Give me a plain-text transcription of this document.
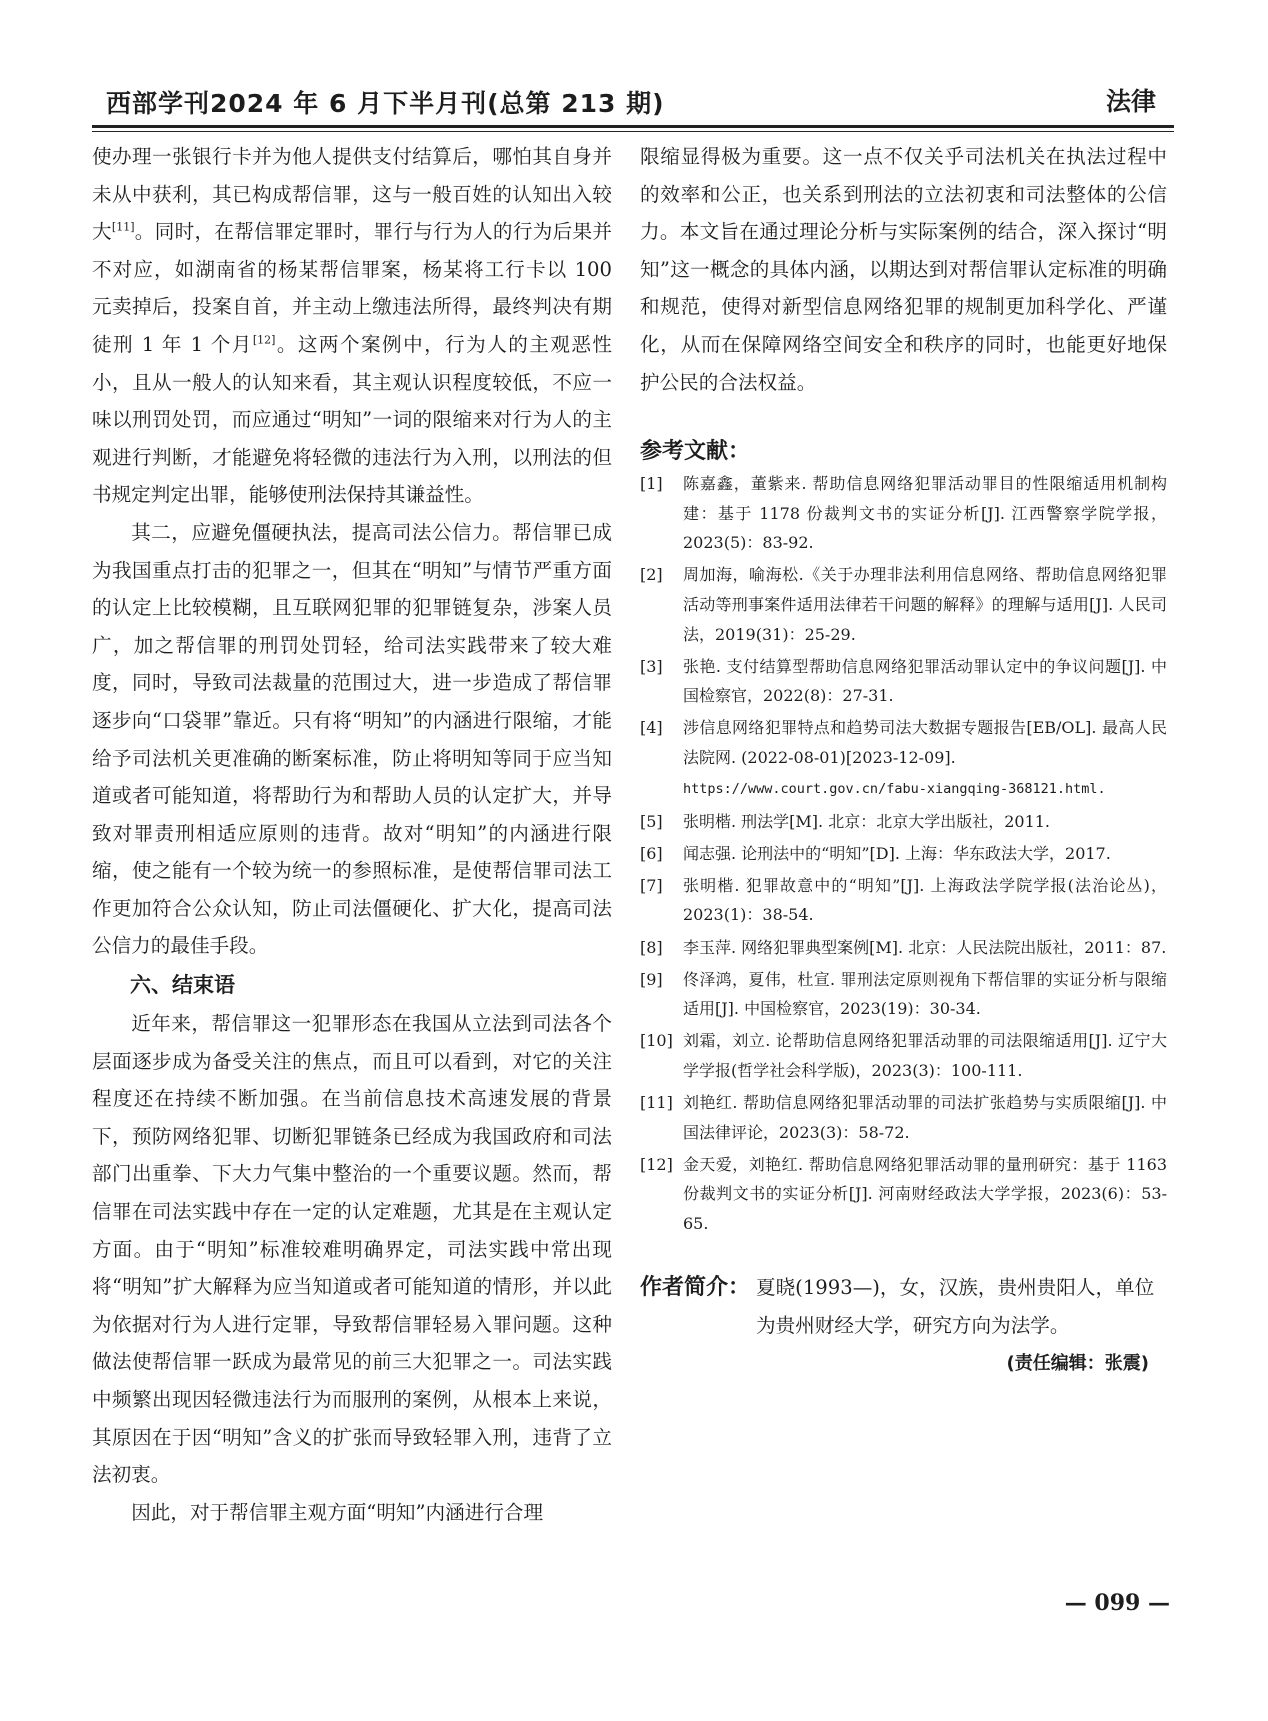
西部学刊2024 年 6 月下半月刊(总第 213 期)	法律

使办理一张银行卡并为他人提供支付结算后，哪怕其自身并未从中获利，其已构成帮信罪，这与一般百姓的认知出入较大[11]。同时，在帮信罪定罪时，罪行与行为人的行为后果并不对应，如湖南省的杨某帮信罪案，杨某将工行卡以 100 元卖掉后，投案自首，并主动上缴违法所得，最终判决有期徒刑 1 年 1 个月[12]。这两个案例中，行为人的主观恶性小，且从一般人的认知来看，其主观认识程度较低，不应一味以刑罚处罚，而应通过“明知”一词的限缩来对行为人的主观进行判断，才能避免将轻微的违法行为入刑，以刑法的但书规定判定出罪，能够使刑法保持其谦益性。

其二，应避免僵硬执法，提高司法公信力。帮信罪已成为我国重点打击的犯罪之一，但其在“明知”与情节严重方面的认定上比较模糊，且互联网犯罪的犯罪链复杂，涉案人员广，加之帮信罪的刑罚处罚轻，给司法实践带来了较大难度，同时，导致司法裁量的范围过大，进一步造成了帮信罪逐步向“口袋罪”靠近。只有将“明知”的内涵进行限缩，才能给予司法机关更准确的断案标准，防止将明知等同于应当知道或者可能知道，将帮助行为和帮助人员的认定扩大，并导致对罪责刑相适应原则的违背。故对“明知”的内涵进行限缩，使之能有一个较为统一的参照标准，是使帮信罪司法工作更加符合公众认知，防止司法僵硬化、扩大化，提高司法公信力的最佳手段。

六、结束语

近年来，帮信罪这一犯罪形态在我国从立法到司法各个层面逐步成为备受关注的焦点，而且可以看到，对它的关注程度还在持续不断加强。在当前信息技术高速发展的背景下，预防网络犯罪、切断犯罪链条已经成为我国政府和司法部门出重拳、下大力气集中整治的一个重要议题。然而，帮信罪在司法实践中存在一定的认定难题，尤其是在主观认定方面。由于“明知”标准较难明确界定，司法实践中常出现将“明知”扩大解释为应当知道或者可能知道的情形，并以此为依据对行为人进行定罪，导致帮信罪轻易入罪问题。这种做法使帮信罪一跃成为最常见的前三大犯罪之一。司法实践中频繁出现因轻微违法行为而服刑的案例，从根本上来说，其原因在于因“明知”含义的扩张而导致轻罪入刑，违背了立法初衷。

因此，对于帮信罪主观方面“明知”内涵进行合理

限缩显得极为重要。这一点不仅关乎司法机关在执法过程中的效率和公正，也关系到刑法的立法初衷和司法整体的公信力。本文旨在通过理论分析与实际案例的结合，深入探讨“明知”这一概念的具体内涵，以期达到对帮信罪认定标准的明确和规范，使得对新型信息网络犯罪的规制更加科学化、严谨化，从而在保障网络空间安全和秩序的同时，也能更好地保护公民的合法权益。

参考文献：
[1] 陈嘉鑫，董紫来. 帮助信息网络犯罪活动罪目的性限缩适用机制构建：基于 1178 份裁判文书的实证分析[J]. 江西警察学院学报，2023(5)：83-92.
[2] 周加海，喻海松.《关于办理非法利用信息网络、帮助信息网络犯罪活动等刑事案件适用法律若干问题的解释》的理解与适用[J]. 人民司法，2019(31)：25-29.
[3] 张艳. 支付结算型帮助信息网络犯罪活动罪认定中的争议问题[J]. 中国检察官，2022(8)：27-31.
[4] 涉信息网络犯罪特点和趋势司法大数据专题报告[EB/OL]. 最高人民法院网. (2022-08-01)[2023-12-09].
https://www.court.gov.cn/fabu-xiangqing-368121.html.
[5] 张明楷. 刑法学[M]. 北京：北京大学出版社，2011.
[6] 闻志强. 论刑法中的“明知”[D]. 上海：华东政法大学，2017.
[7] 张明楷. 犯罪故意中的“明知”[J]. 上海政法学院学报(法治论丛)，2023(1)：38-54.
[8] 李玉萍. 网络犯罪典型案例[M]. 北京：人民法院出版社，2011：87.
[9] 佟泽鸿，夏伟，杜宣. 罪刑法定原则视角下帮信罪的实证分析与限缩适用[J]. 中国检察官，2023(19)：30-34.
[10] 刘霜，刘立. 论帮助信息网络犯罪活动罪的司法限缩适用[J]. 辽宁大学学报(哲学社会科学版)，2023(3)：100-111.
[11] 刘艳红. 帮助信息网络犯罪活动罪的司法扩张趋势与实质限缩[J]. 中国法律评论，2023(3)：58-72.
[12] 金天爱，刘艳红. 帮助信息网络犯罪活动罪的量刑研究：基于 1163 份裁判文书的实证分析[J]. 河南财经政法大学学报，2023(6)：53-65.
作者简介： 夏晓(1993—)，女，汉族，贵州贵阳人，单位为贵州财经大学，研究方向为法学。
(责任编辑：张震)
— 099 —
